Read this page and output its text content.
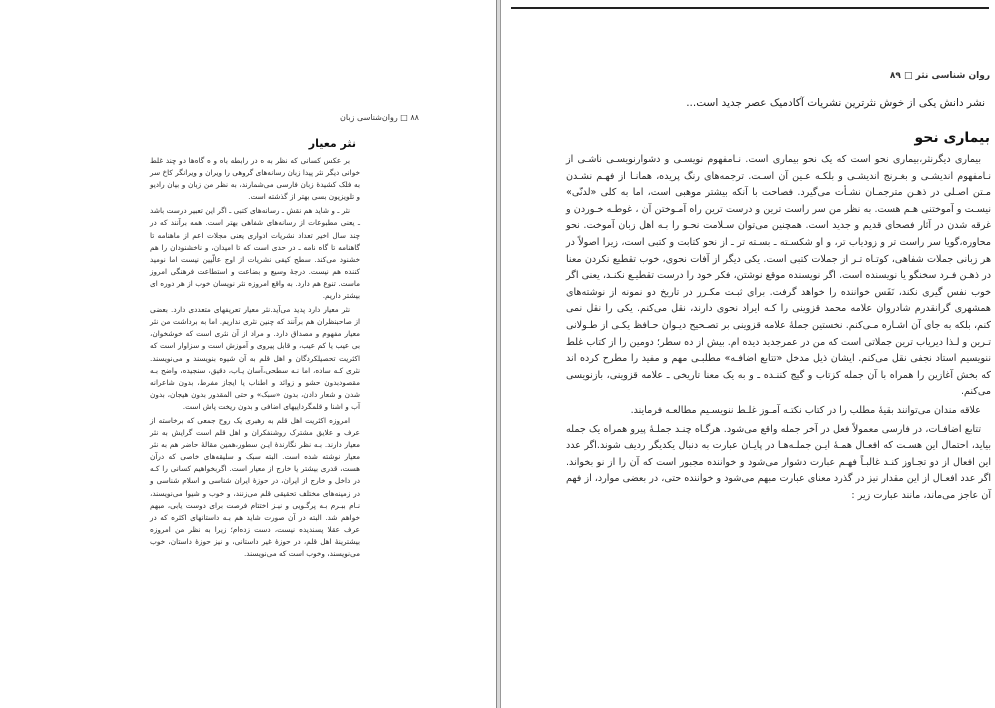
۸۸ □ روان‌شناسی زبان
نثر معیار

بر عکس کسانی که نظر به ه در رابطه باه و ه گاه‌ها دو چند غلط خوانی دیگر نثر پیدا زبان رسانه‌های گروهی را ویران و ویرانگر کاخ سر به فلک کشیدهٔ زبان فارسی می‌شمارند، به نظر من زبان و بیان رادیو و تلویزیون بسی بهتر از گذشته است.

نثر ـ و شاید هم نقش ـ رسانه‌های کتبی ـ اگر این تعبیر درست باشد ـ یعنی مطبوعات از رسانه‌های شفاهی بهتر است. همه برآنند که در چند سال اخیر تعداد نشریات ادواری یعنی مجلات اعم از ماهنامه تا گاهنامه تا گاه نامه ـ در حدی است که تا امیدان، و ناخشنودان را هم خشنود می‌کند. سطح کیفی نشریات از اوج عالّیین نیست اما نومید کننده هم نیست. درجهٔ وسیع و بضاعت و استطاعت فرهنگی امروز ماست. تنوع هم دارد. به واقع امروزه نثر نویسان خوب از هر دوره ای بیشتر داریم.

نثر معیار دارد پدید می‌آید.نثر معیار تعریفهای متعددی دارد. بعضی از صاحبنظران هم برآنند که چنین نثری نداریم. اما به برداشت من نثر معیار مفهوم و مصداق دارد. و مراد از آن نثری است که خوشخوان، بی عیب یا کم عیب، و قابل پیروی و آموزش است و سزاوار است که اکثریت تحصیلکردگان و اهل قلم به آن شیوه بنویسند و می‌نویسند. نثری کـه ساده، اما نـه سطحی،آسان یـاب، دقیق، سنجیده، واضح بـه مقصودبدون حشو و زوائد و اطناب یا ایجاز مفرط، بدون شاعرانه شدن و شعار دادن، بدون «سبک» و حتی المقدور بدون هیجان، بدون آب و اشنا و قلمگرداییهای اضافی و بدون ریخت پاش است.

امروزه اکثریت اهل قلم به رهبری یک روح جمعی که برخاسته از عرف و علایق مشترک روشنفکران و اهل قلم است گرایش به نثر معیار دارند. بـه نظر نگارندهٔ ایـن سطور،همین مقالهٔ حاضر هم به نثر معیار نوشته شده است. البته سبک و سلیقه‌های خاصی که درآن هست، قدری بیشتر یا خارج از معیار است. اگربخواهیم کسانی را کـه در داخل و خارج از ایران، در حوزهٔ ایران شناسی و اسلام شناسی و در زمینه‌های مختلف تحقیقی قلم می‌زنند، و خوب و شیوا می‌نویسند، نـام ببـرم بـه پرگـویی و نیـز اختتام فرصت برای دوست یابی، مبهم خواهم شد. البته در آن صورت شاید هم بـه داستانهای اکثره که در عرف عقلا پسندیده نیست، دست زده‌ام؛ زیرا به نظر من امروزه بیشترینهٔ اهل قلم، در حوزهٔ غیر داستانی، و نیز حوزهٔ داستان، خوب می‌نویسند، وخوب است که می‌نویسند.

روان شناسی نثر □ ۸۹
نشر دانش یکی از خوش نثرترین نشریات آکادمیک عصر جدید است...
بیماری نحو

بیماری دیگرنثر،بیماری نحو است که یک نحو بیماری است. نـامفهوم نویسـی و دشوارنویسـی ناشـی از نـامفهوم اندیشـی و بغـرنج اندیشـی و بلکـه عـین آن اسـت. ترجمه‌های رنگ پریده، همانـا از فهـم نشـدن مـتن اصـلی در ذهـن مترجمـان نشـأت می‌گیرد. فصاحت با آنکه بیشتر موهبی است، اما به کلی «لدنّی» نیسـت و آموختنی هـم هست. به نظر من سر راست ترین و درست ترین راه آمـوختن آن ، غوطـه خـوردن و غرقه شدن در آثار فصحای قدیم و جدید است. همچنین می‌توان سـلامت نحـو را بـه اهل زبان آموخت. نحو محاوره،گویا سر راست تر و زودیاب تر، و او شکسـته ـ بسـته تر ـ از نحو کتابت و کتبی است، زیرا اصولاً در هر زبانی جملات شفاهی، کوتـاه تـر از جملات کتبی است. یکی دیگر از آفات نحوی، خوب تقطیع نکردن معنا در ذهـن فـرد سخنگو یا نویسنده است. اگر نویسنده موقع نوشتن، فکر خود را درست تقطیـع نکنـد، یعنی اگر خوب نفس گیری نکند، نَفَس خواننده را خواهد گرفت. برای ثبـت مکـرر در تاریخ دو نمونه از نوشته‌های همشهری گرانقدرم شادروان علامه محمد قزوینی را کـه ایراد نحوی دارند، نقل می‌کنم. یکی را نقل نمی کنم، بلکه به جای آن اشـاره مـی‌کنم. نخستین جملهٔ علامه قزوینی بر تصـحیح دیـوان حـافظ یکـی از طـولانی تـرین و لـذا دیریاب ترین جملاتی است که من در عمرجدید دیده ام. بیش از ده سطر؛ دومین را از کتاب غلط ننویسیم استاد نجفی نقل می‌کنم. ایشان ذیل مدخل «تتابع اضافـه» مطلبـی مهم و مفید را مطرح کرده اند که بخش آغازین را همراه با آن جمله کزتاب و گیج کننـده ـ و به یک معنا تاریخی ـ علامه قزوینی، بازنویسی می‌کنم.

علاقه مندان می‌توانند بقیهٔ مطلب را در کتاب نکتـه آمـوز غلـط ننویسـیم مطالعـه فرمایند.

تتابع اضافـات، در فارسی معمولاً فعل در آخر جمله واقع می‌شود. هرگـاه چنـد جملـهٔ پیرو همراه یک جمله بیاید، احتمال این هسـت که افعـال همـهٔ ایـن جملـه‌هـا در پایـان عبارت به دنبال یکدیگر ردیف شوند.اگر عدد این افعال از دو تجـاوز کنـد غالبـاً فهـم عبارت دشوار می‌شود و خواننده مجبور است که آن را از نو بخواند. اگر عدد افعـال از این مقدار نیز در گذرد معنای عبارت مبهم می‌شود و خواننده حتی، در بعضی موارد، از فهم آن عاجز می‌ماند، مانند عبارت زیر :
